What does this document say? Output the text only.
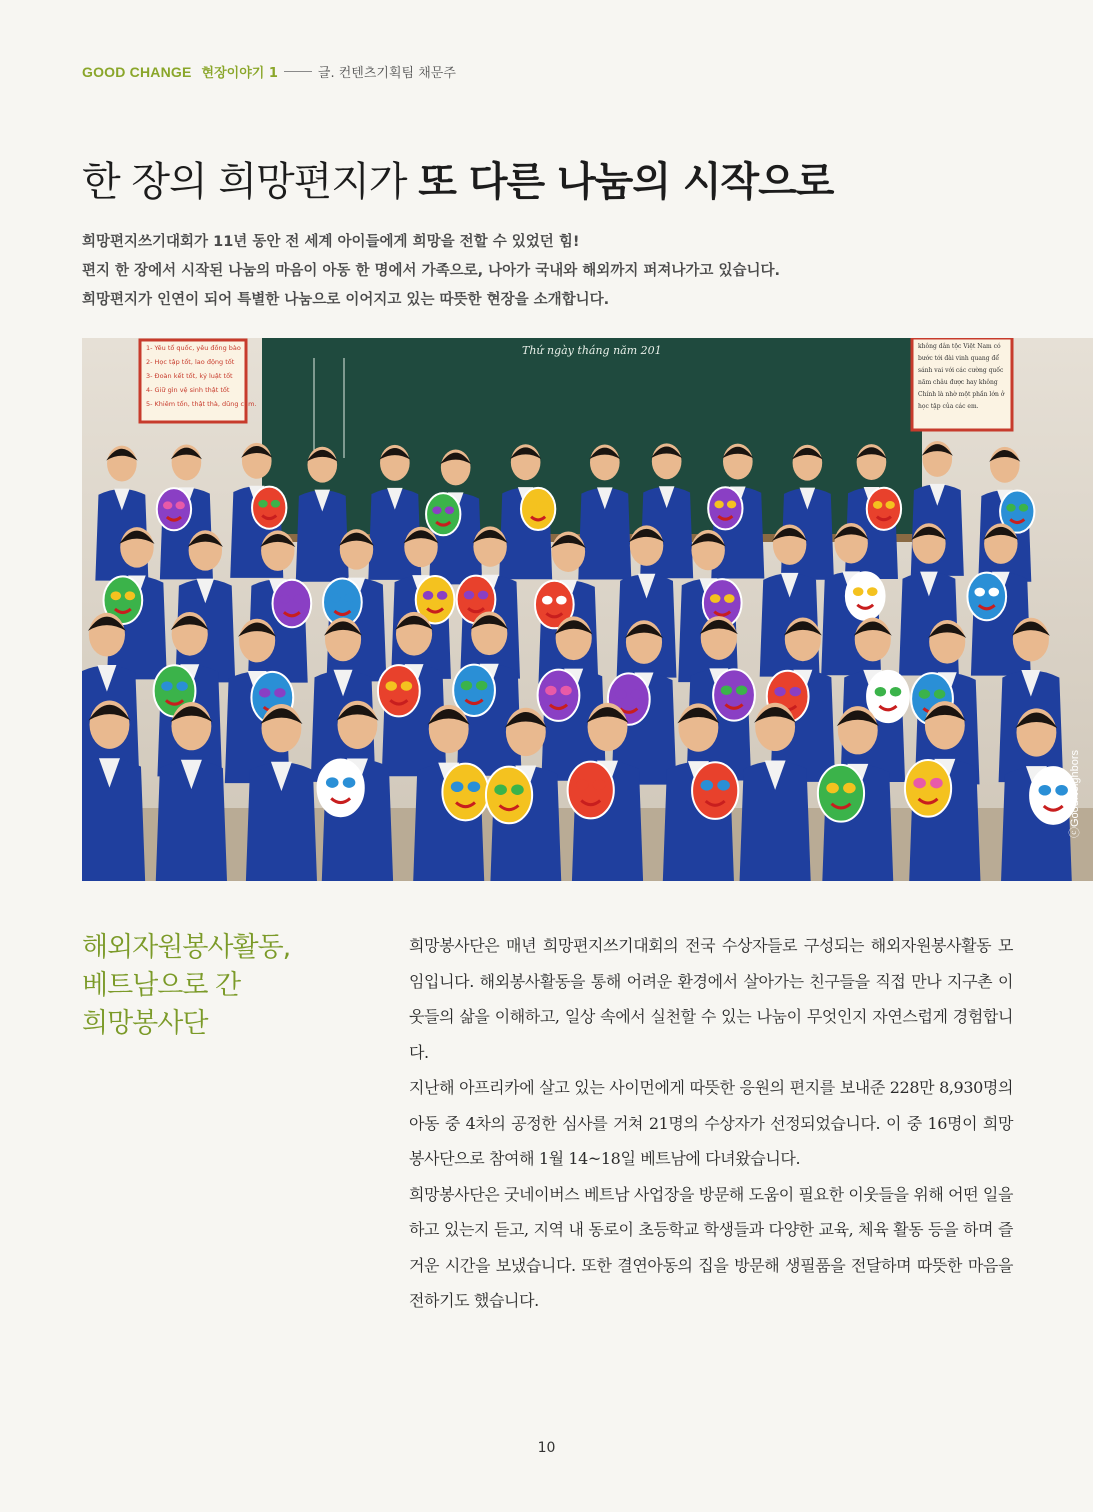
GOOD CHANGE 현장이야기 1	글. 컨텐츠기획팀 채문주
한 장의 희망편지가 또 다른 나눔의 시작으로
희망편지쓰기대회가 11년 동안 전 세계 아이들에게 희망을 전할 수 있었던 힘!
편지 한 장에서 시작된 나눔의 마음이 아동 한 명에서 가족으로, 나아가 국내와 해외까지 퍼져나가고 있습니다.
희망편지가 인연이 되어 특별한 나눔으로 이어지고 있는 따뜻한 현장을 소개합니다.
Thứ ngày tháng năm 201
1- Yêu tổ quốc, yêu đồng bào
2- Học tập tốt, lao động tốt
3- Đoàn kết tốt, kỷ luật tốt
4- Giữ gìn vệ sinh thật tốt
5- Khiêm tốn, thật thà, dũng cảm.
không dân tộc Việt Nam có
bước tới đài vinh quang để
sánh vai với các cường quốc
năm châu được hay không
Chính là nhờ một phần lớn ở
học tập của các em.
ⓒGoodNeighbors
해외자원봉사활동,
베트남으로 간
희망봉사단

희망봉사단은 매년 희망편지쓰기대회의 전국 수상자들로 구성되는 해외자원봉사활동 모임입니다. 해외봉사활동을 통해 어려운 환경에서 살아가는 친구들을 직접 만나 지구촌 이웃들의 삶을 이해하고, 일상 속에서 실천할 수 있는 나눔이 무엇인지 자연스럽게 경험합니다.

지난해 아프리카에 살고 있는 사이먼에게 따뜻한 응원의 편지를 보내준 228만 8,930명의 아동 중 4차의 공정한 심사를 거쳐 21명의 수상자가 선정되었습니다. 이 중 16명이 희망봉사단으로 참여해 1월 14~18일 베트남에 다녀왔습니다.

희망봉사단은 굿네이버스 베트남 사업장을 방문해 도움이 필요한 이웃들을 위해 어떤 일을 하고 있는지 듣고, 지역 내 동로이 초등학교 학생들과 다양한 교육, 체육 활동 등을 하며 즐거운 시간을 보냈습니다. 또한 결연아동의 집을 방문해 생필품을 전달하며 따뜻한 마음을 전하기도 했습니다.

10
